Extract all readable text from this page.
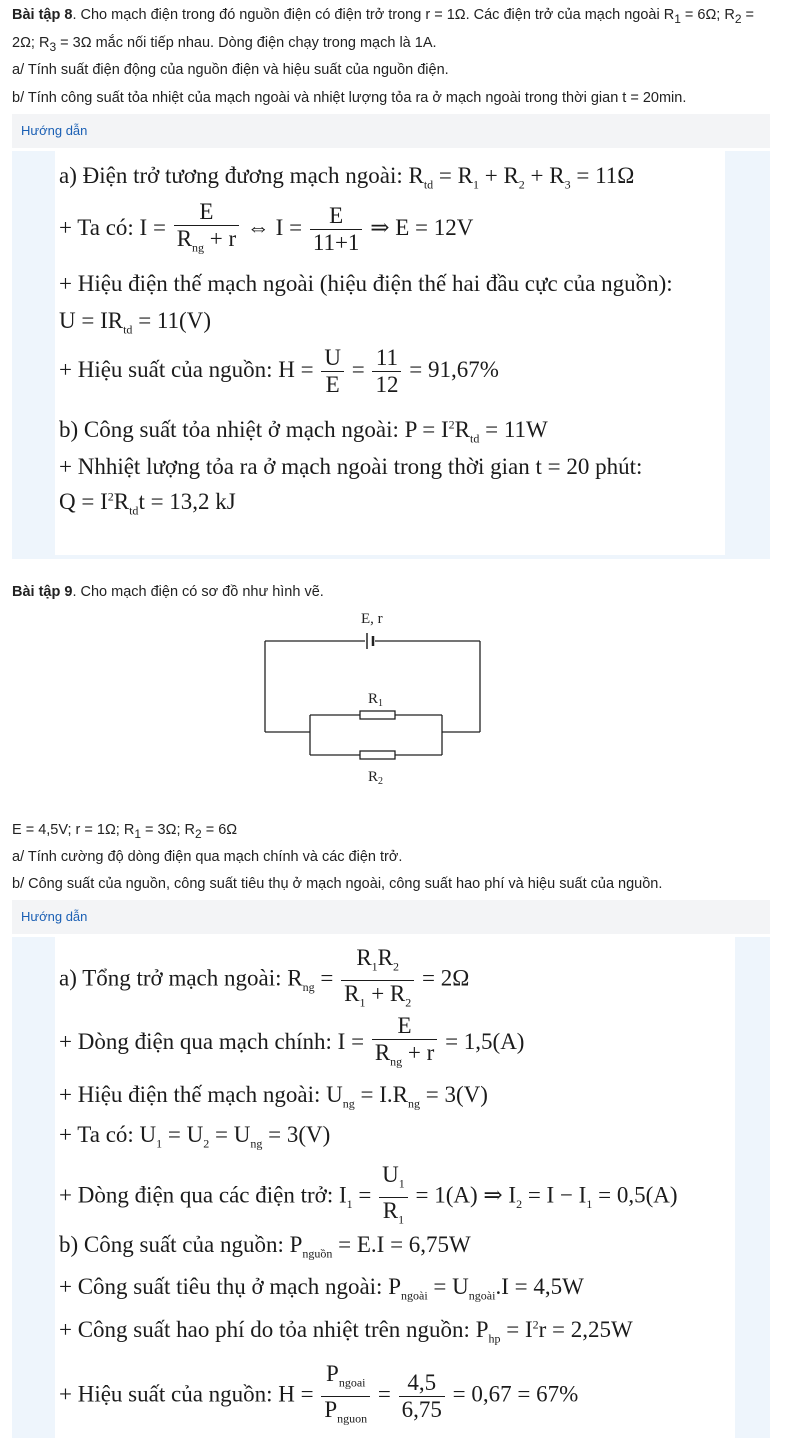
Bài tập 8. Cho mạch điện trong đó nguồn điện có điện trở trong r = 1Ω. Các điện trở của mạch ngoài $R_1 = 6\Omega$; $R_2$ =
2Ω; $R_3 = 3\Omega$ mắc nối tiếp nhau. Dòng điện chạy trong mạch là 1A.
a/ Tính suất điện động của nguồn điện và hiệu suất của nguồn điện.
b/ Tính công suất tỏa nhiệt của mạch ngoài và nhiệt lượng tỏa ra ở mạch ngoài trong thời gian t = 20min.
Hướng dẫn
a) Điện trở tương đương mạch ngoài: $R_{td} = R_1 + R_2 + R_3 = 11\Omega$
+ Ta có: I =
E
$R_{ng} + r$ ⇔ $I = \frac{E}{11+1}$ ⇒ E = 12V
+ Hiệu điện thế mạch ngoài (hiệu điện thế hai đầu cực của nguồn):
$U = IR_{td} = 11(V)$
+ Hiệu suất của nguồn: $H = \frac{U}{E} = \frac{11}{12} = 91,67\%$
b) Công suất tỏa nhiệt ở mạch ngoài: $P = I^2R_{td} = 11W$
+ Nhhiệt lượng tỏa ra ở mạch ngoài trong thời gian t = 20 phút:
$Q = I^2R_{td}t = 13,2$ kJ
Bài tập 9. Cho mạch điện có sơ đồ như hình vẽ.
E, r
$R_1$
$R_2$
E = 4,5V; r = 1Ω; $R_1 = 3\Omega$; $R_2 = 6\Omega$
a/ Tính cường độ dòng điện qua mạch chính và các điện trở.
b/ Công suất của nguồn, công suất tiêu thụ ở mạch ngoài, công suất hao phí và hiệu suất của nguồn.
Hướng dẫn
a) Tổng trở mạch ngoài: $R_{ng} = \frac{R_1R_2}{R_1 + R_2} = 2\Omega$
+ Dòng điện qua mạch chính: I =
E
$R_{ng} + r = 1,5(A)$
+ Hiệu điện thế mạch ngoài: $U_{ng} = I.R_{ng} = 3(V)$
+ Ta có: $U_1 = U_2 = U_{ng} = 3(V)$
+ Dòng điện qua các điện trở: $I_1 = \frac{U_1}{R_1} = 1(A)$ ⇒ $I_2 = I - I_1 = 0,5(A)$
b) Công suất của nguồn: $P_{nguồn} = E.I = 6,75W$
+ Công suất tiêu thụ ở mạch ngoài: $P_{ngoài} = U_{ngoài}.I = 4,5W$
+ Công suất hao phí do tỏa nhiệt trên nguồn: $P_{hp} = I^2r = 2,25W$
+ Hiệu suất của nguồn: H =
$P_{ngoai}$
$P_{nguon}$
= $\frac{4,5}{6,75} = 0,67 = 67\%$
